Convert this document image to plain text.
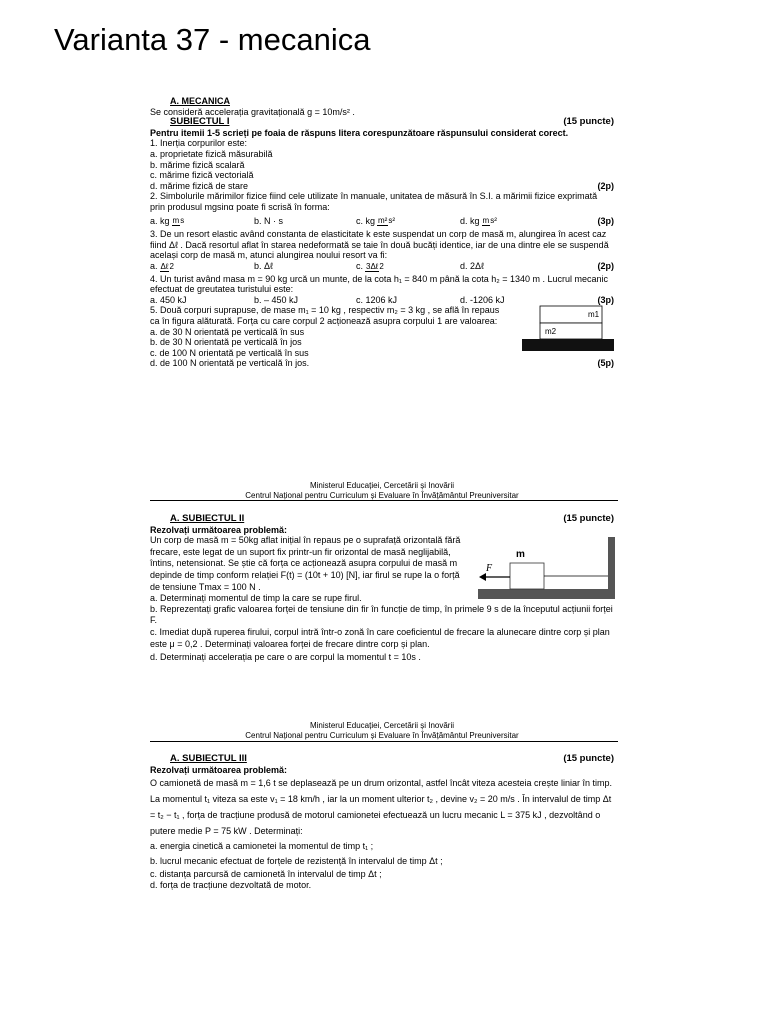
Varianta 37 - mecanica

A. MECANICA

Se consideră accelerația gravitațională g = 10m/s² .

SUBIECTUL I	(15 puncte)

Pentru itemii 1-5 scrieți pe foaia de răspuns litera corespunzătoare răspunsului considerat corect.

1. Inerția corpurilor este:

a. proprietate fizică măsurabilă

b. mărime fizică scalară

c. mărime fizică vectorială

d. mărime fizică de stare	(2p)

2. Simbolurile mărimilor fizice fiind cele utilizate în manuale, unitatea de măsură în S.I. a mărimii fizice exprimată prin produsul mgsinα poate fi scrisă în forma:

a. kg ms	b. N · s	c. kg m²s²	d. kg ms²	(3p)

3. De un resort elastic având constanta de elasticitate k este suspendat un corp de masă m, alungirea în acest caz fiind Δℓ . Dacă resortul aflat în starea nedeformată se taie în două bucăți identice, iar de una dintre ele se suspendă același corp de masă m, atunci alungirea noului resort va fi:

a. Δℓ2	b. Δℓ	c. 3Δℓ2	d. 2Δℓ	(2p)

4. Un turist având masa m = 90 kg urcă un munte, de la cota h₁ = 840 m până la cota h₂ = 1340 m . Lucrul mecanic efectuat de greutatea turistului este:

a. 450 kJ	b. – 450 kJ	c. 1206 kJ	d. -1206 kJ	(3p)

5. Două corpuri suprapuse, de mase m₁ = 10 kg , respectiv m₂ = 3 kg , se află în repaus ca în figura alăturată. Forța cu care corpul 2 acționează asupra corpului 1 are valoarea:

a. de 30 N orientată pe verticală în sus

b. de 30 N orientată pe verticală în jos

c. de 100 N orientată pe verticală în sus

d. de 100 N orientată pe verticală în jos.	(5p)
m1
m2
Ministerul Educației, Cercetării și Inovării
Centrul Național pentru Curriculum și Evaluare în Învățământul Preuniversitar
A. SUBIECTUL II	(15 puncte)

Rezolvați următoarea problemă:

Un corp de masă m = 50kg aflat inițial în repaus pe o suprafață orizontală fără frecare, este legat de un suport fix printr-un fir orizontal de masă neglijabilă, întins, netensionat. Se știe că forța ce acționează asupra corpului de masă m depinde de timp conform relației F(t) = (10t + 10) [N], iar firul se rupe la o forță de tensiune Tmax = 100 N .

m
F

a. Determinați momentul de timp la care se rupe firul.

b. Reprezentați grafic valoarea forței de tensiune din fir în funcție de timp, în primele 9 s de la începutul acțiunii forței F.

c. Imediat după ruperea firului, corpul intră într-o zonă în care coeficientul de frecare la alunecare dintre corp și plan este μ = 0,2 . Determinați valoarea forței de frecare dintre corp și plan.

d. Determinați accelerația pe care o are corpul la momentul t = 10s .

Ministerul Educației, Cercetării și Inovării
Centrul Național pentru Curriculum și Evaluare în Învățământul Preuniversitar
A. SUBIECTUL III	(15 puncte)

Rezolvați următoarea problemă:

O camionetă de masă m = 1,6 t se deplasează pe un drum orizontal, astfel încât viteza acesteia crește liniar în timp. La momentul t₁ viteza sa este v₁ = 18 km/h , iar la un moment ulterior t₂ , devine v₂ = 20 m/s . În intervalul de timp Δt = t₂ − t₁ , forța de tracțiune produsă de motorul camionetei efectuează un lucru mecanic L = 375 kJ , dezvoltând o putere medie P = 75 kW . Determinați:

a. energia cinetică a camionetei la momentul de timp t₁ ;

b. lucrul mecanic efectuat de forțele de rezistență în intervalul de timp Δt ;

c. distanța parcursă de camionetă în intervalul de timp Δt ;

d. forța de tracțiune dezvoltată de motor.
